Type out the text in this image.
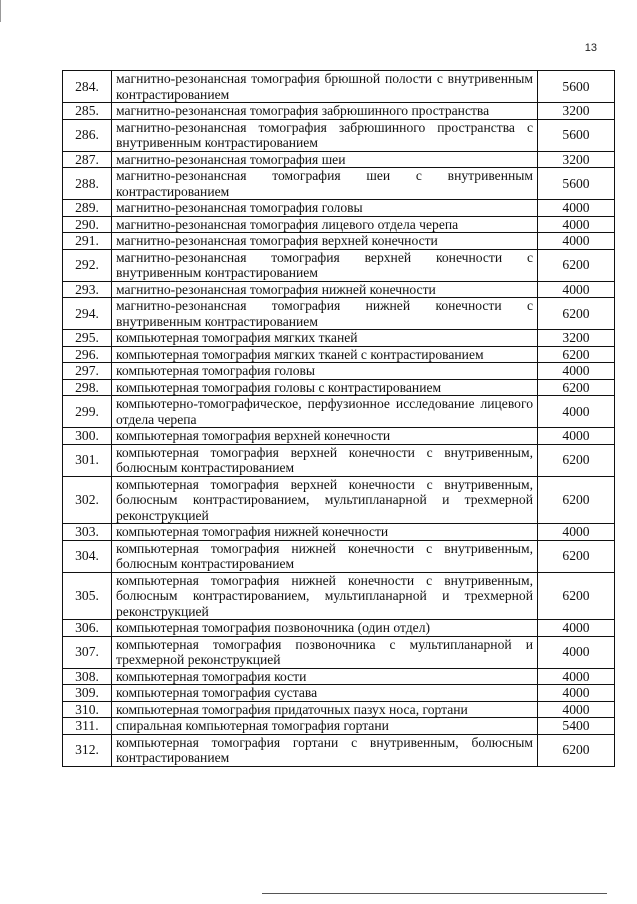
13
284.	магнитно-резонансная томография брюшной полости с внутривенным контрастированием	5600
285.	магнитно-резонансная томография забрюшинного пространства	3200
286.	магнитно-резонансная томография забрюшинного пространства с внутривенным контрастированием	5600
287.	магнитно-резонансная томография шеи	3200
288.	магнитно-резонансная томография шеи с внутривенным контрастированием	5600
289.	магнитно-резонансная томография головы	4000
290.	магнитно-резонансная томография лицевого отдела черепа	4000
291.	магнитно-резонансная томография верхней конечности	4000
292.	магнитно-резонансная томография верхней конечности с внутривенным контрастированием	6200
293.	магнитно-резонансная томография нижней конечности	4000
294.	магнитно-резонансная томография нижней конечности с внутривенным контрастированием	6200
295.	компьютерная томография мягких тканей	3200
296.	компьютерная томография мягких тканей с контрастированием	6200
297.	компьютерная томография головы	4000
298.	компьютерная томография головы с контрастированием	6200
299.	компьютерно-томографическое, перфузионное исследование лицевого отдела черепа	4000
300.	компьютерная томография верхней конечности	4000
301.	компьютерная томография верхней конечности с внутривенным, болюсным контрастированием	6200
302.	компьютерная томография верхней конечности с внутривенным, болюсным контрастированием, мультипланарной и трехмерной реконструкцией	6200
303.	компьютерная томография нижней конечности	4000
304.	компьютерная томография нижней конечности с внутривенным, болюсным контрастированием	6200
305.	компьютерная томография нижней конечности с внутривенным, болюсным контрастированием, мультипланарной и трехмерной реконструкцией	6200
306.	компьютерная томография позвоночника (один отдел)	4000
307.	компьютерная томография позвоночника с мультипланарной и трехмерной реконструкцией	4000
308.	компьютерная томография кости	4000
309.	компьютерная томография сустава	4000
310.	компьютерная томография придаточных пазух носа, гортани	4000
311.	спиральная компьютерная томография гортани	5400
312.	компьютерная томография гортани с внутривенным, болюсным контрастированием	6200
